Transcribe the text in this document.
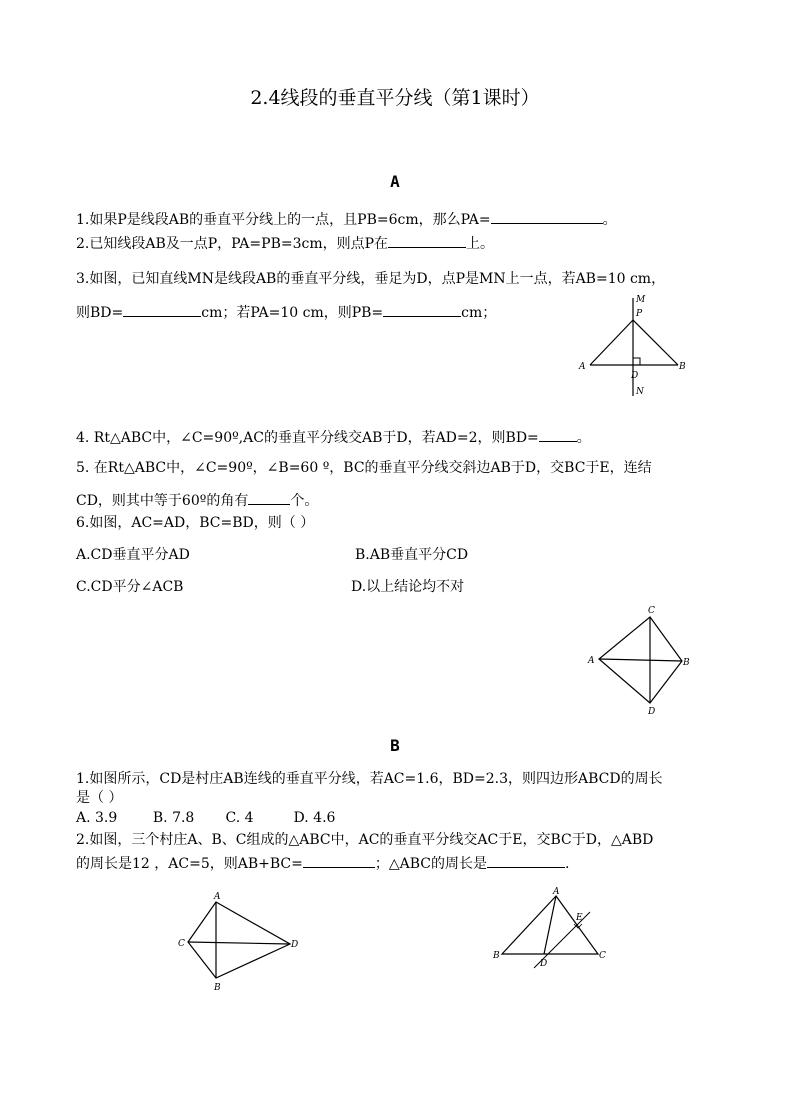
2.4线段的垂直平分线（第1课时）
A
1.如果P是线段AB的垂直平分线上的一点，且PB=6cm，那么PA=	。
2.已知线段AB及一点P，PA=PB=3cm，则点P在	上。
3.如图，已知直线MN是线段AB的垂直平分线，垂足为D，点P是MN上一点，若AB=10 cm，
则BD=	cm；若PA=10 cm，则PB=	cm；
M
P
A
D
B
N
4. Rt△ABC中，∠C=90º,AC的垂直平分线交AB于D，若AD=2，则BD=	。
5. 在Rt△ABC中，∠C=90º，∠B=60 º，BC的垂直平分线交斜边AB于D，交BC于E，连结
CD，则其中等于60º的角有	个。
6.如图，AC=AD，BC=BD，则（ ）
A.CD垂直平分AD	B.AB垂直平分CD
C.CD平分∠ACB	D.以上结论均不对
C
A	B
D
B
1.如图所示，CD是村庄AB连线的垂直平分线，若AC=1.6，BD=2.3，则四边形ABCD的周长
是（ ）
A. 3.9        B. 7.8       C. 4         D. 4.6
2.如图，三个村庄A、B、C组成的△ABC中，AC的垂直平分线交AC于E，交BC于D，△ABD
的周长是12 ，AC=5，则AB+BC=	；△ABC的周长是	.
A
C	D
B
A
E
B
D
C
